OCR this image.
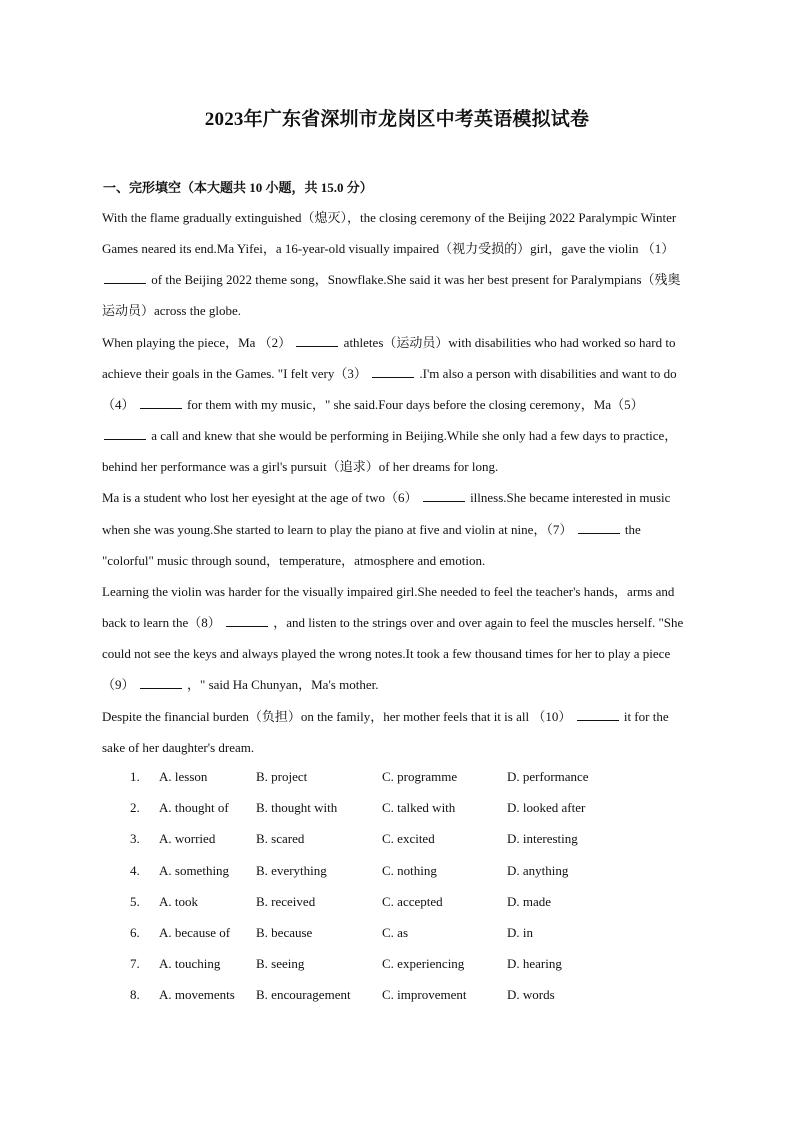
2023年广东省深圳市龙岗区中考英语模拟试卷
一、完形填空（本大题共 10 小题，共 15.0 分）

With the flame gradually extinguished（熄灭），the closing ceremony of the Beijing 2022 Paralympic Winter Games neared its end.Ma Yifei，a 16-year-old visually impaired（视力受损的）girl，gave the violin （1）  of the Beijing 2022 theme song，Snowflake.She said it was her best present for Paralympians（残奥运动员）across the globe.

When playing the piece，Ma （2）	athletes（运动员）with disabilities who had worked so hard to achieve their goals in the Games. "I felt very（3）	.I'm also a person with disabilities and want to do （4）	for them with my music，" she said.Four days before the closing ceremony，Ma（5）  a call and knew that she would be performing in Beijing.While she only had a few days to practice，behind her performance was a girl's pursuit（追求）of her dreams for long.

Ma is a student who lost her eyesight at the age of two（6）	illness.She became interested in music when she was young.She started to learn to play the piano at five and violin at nine，（7）	the "colorful" music through sound，temperature，atmosphere and emotion.

Learning the violin was harder for the visually impaired girl.She needed to feel the teacher's hands，arms and back to learn the（8）	，and listen to the strings over and over again to feel the muscles herself. "She could not see the keys and always played the wrong notes.It took a few thousand times for her to play a piece（9）	，" said Ha Chunyan，Ma's mother.

Despite the financial burden（负担）on the family，her mother feels that it is all （10）	it for the sake of her daughter's dream.

1. A. lesson	B. project	C. programme	D. performance
2. A. thought of B. thought with	C. talked with	D. looked after
3. A. worried	B. scared	C. excited	D. interesting
4. A. something B. everything	C. nothing	D. anything
5. A. took	B. received	C. accepted	D. made
6. A. because of B. because	C. as	D. in
7. A. touching	B. seeing	C. experiencing	D. hearing
8. A. movements B. encouragement C. improvement	D. words
